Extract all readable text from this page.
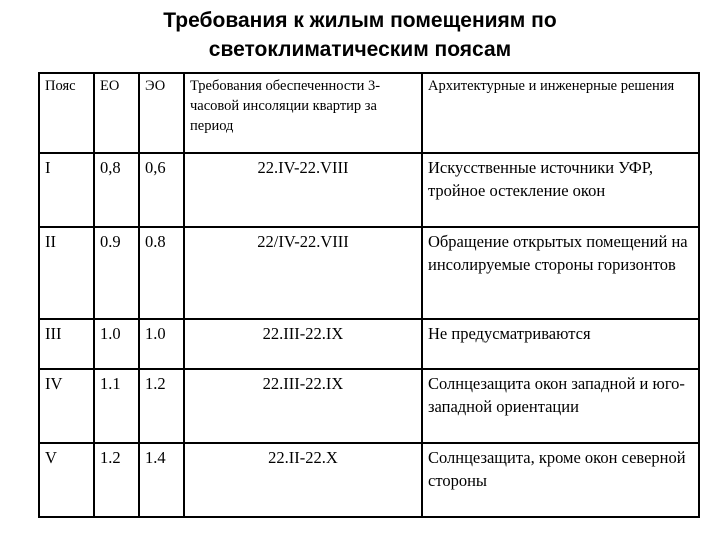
Требования к жилым помещениям по
светоклиматическим поясам
Пояс	ЕО	ЭО	Требования обеспеченности 3-часовой инсоляции квартир за период	Архитектурные и инженерные решения
I	0,8	0,6	22.IV-22.VIII	Искусственные источники УФР, тройное остекление окон
II	0.9	0.8	22/IV-22.VIII	Обращение открытых помещений на инсолируемые стороны горизонтов
III	1.0	1.0	22.III-22.IX	Не предусматриваются
IV	1.1	1.2	22.III-22.IX	Солнцезащита окон западной и юго-западной ориентации
V	1.2	1.4	22.II-22.X	Солнцезащита, кроме окон северной стороны
